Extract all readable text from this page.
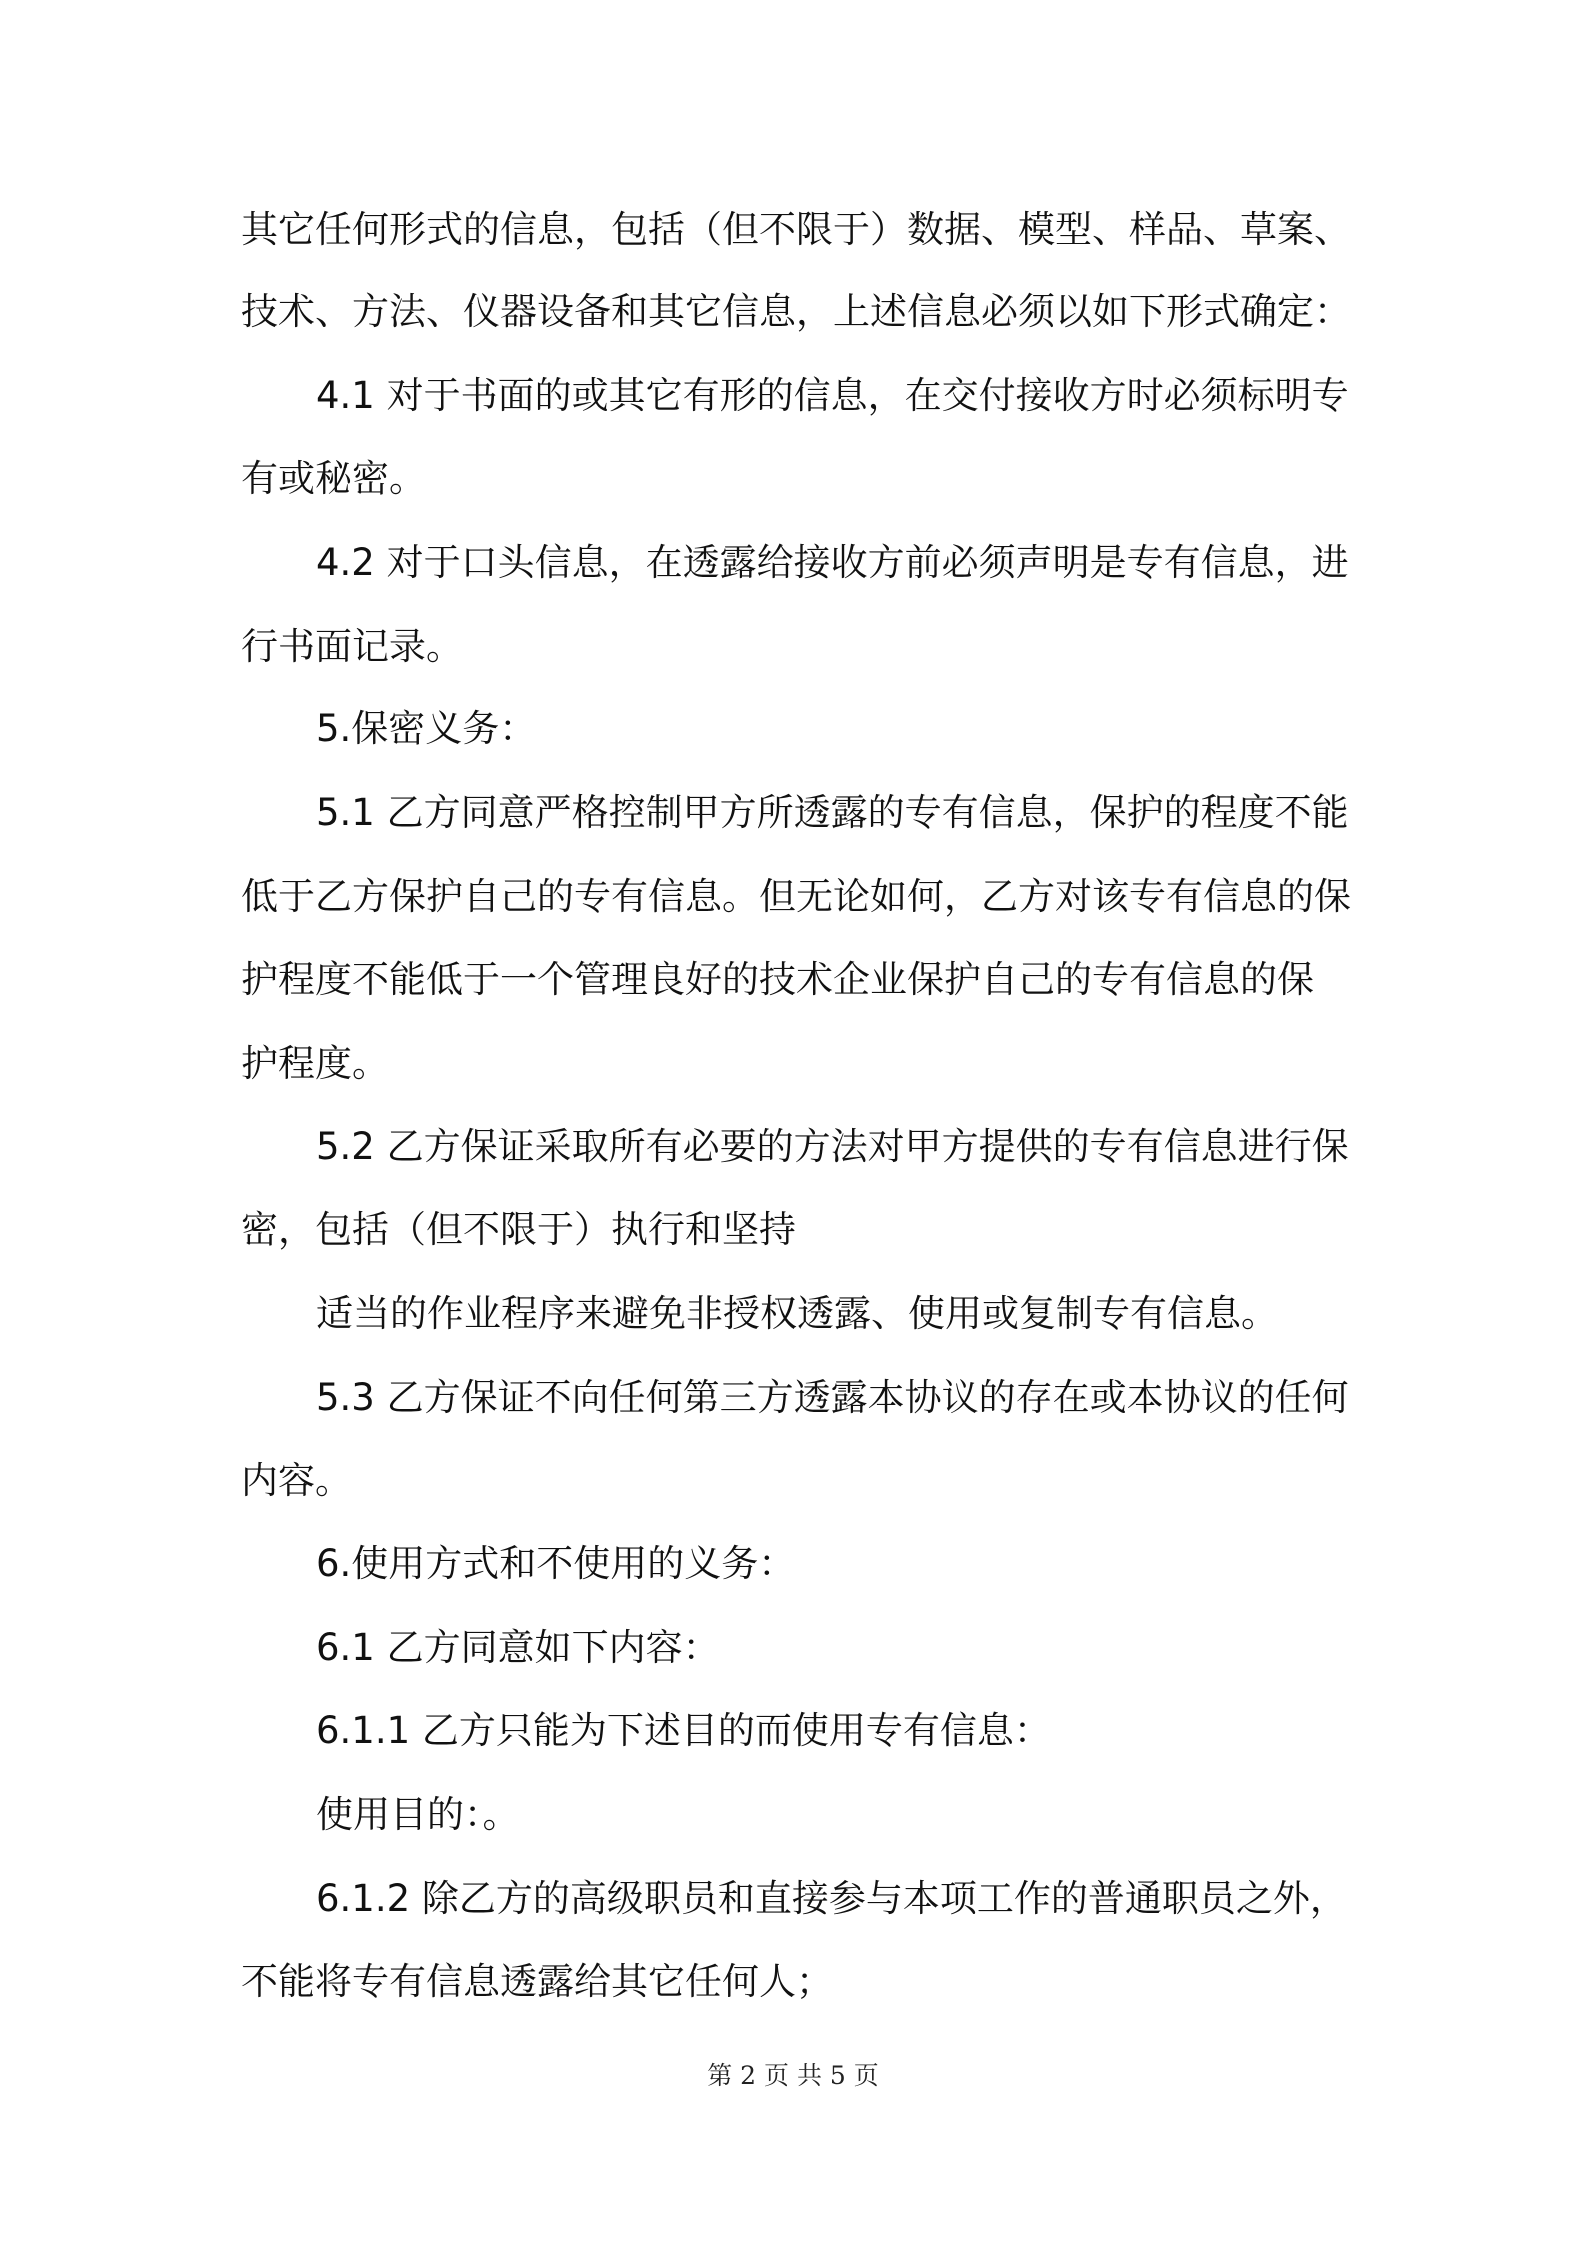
其它任何形式的信息，包括（但不限于）数据、模型、样品、草案、
技术、方法、仪器设备和其它信息，上述信息必须以如下形式确定：
4.1 对于书面的或其它有形的信息，在交付接收方时必须标明专
有或秘密。
4.2 对于口头信息，在透露给接收方前必须声明是专有信息，进
行书面记录。
5.保密义务：
5.1 乙方同意严格控制甲方所透露的专有信息，保护的程度不能
低于乙方保护自己的专有信息。但无论如何，乙方对该专有信息的保
护程度不能低于一个管理良好的技术企业保护自己的专有信息的保
护程度。
5.2 乙方保证采取所有必要的方法对甲方提供的专有信息进行保
密，包括（但不限于）执行和坚持
适当的作业程序来避免非授权透露、使用或复制专有信息。
5.3 乙方保证不向任何第三方透露本协议的存在或本协议的任何
内容。
6.使用方式和不使用的义务：
6.1 乙方同意如下内容：
6.1.1 乙方只能为下述目的而使用专有信息：
使用目的：。
6.1.2 除乙方的高级职员和直接参与本项工作的普通职员之外，
不能将专有信息透露给其它任何人；
第 2 页 共 5 页
